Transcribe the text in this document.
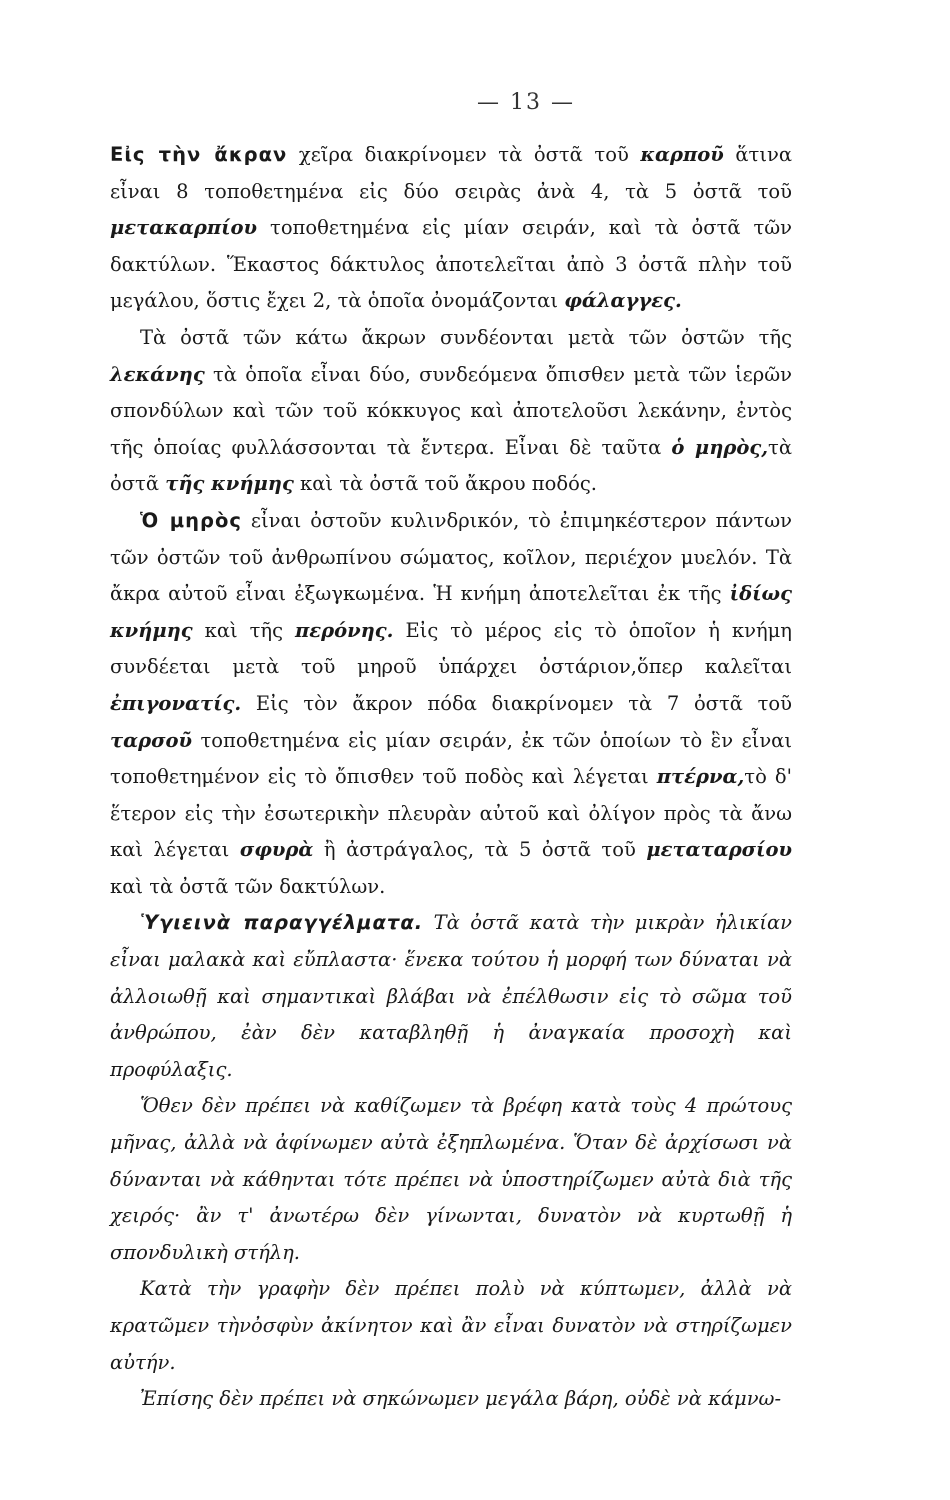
— 13 —

Εἰς τὴν ἄκραν χεῖρα διακρίνομεν τὰ ὀστᾶ τοῦ καρποῦ ἅτινα εἶναι 8 τοποθετημένα εἰς δύο σειρὰς ἀνὰ 4, τὰ 5 ὀστᾶ τοῦ μετακαρπίου τοποθετημένα εἰς μίαν σειράν, καὶ τὰ ὀστᾶ τῶν δακτύλων. Ἕκαστος δάκτυλος ἀποτελεῖται ἀπὸ 3 ὀστᾶ πλὴν τοῦ μεγάλου, ὅστις ἔχει 2, τὰ ὁποῖα ὀνομάζονται φάλαγγες.

Τὰ ὀστᾶ τῶν κάτω ἄκρων συνδέονται μετὰ τῶν ὀστῶν τῆς λεκάνης τὰ ὁποῖα εἶναι δύο, συνδεόμενα ὄπισθεν μετὰ τῶν ἱερῶν σπονδύλων καὶ τῶν τοῦ κόκκυγος καὶ ἀποτελοῦσι λεκάνην, ἐντὸς τῆς ὁποίας φυλλάσσονται τὰ ἔντερα. Εἶναι δὲ ταῦτα ὁ μηρὸς,τὰ ὀστᾶ τῆς κνήμης καὶ τὰ ὀστᾶ τοῦ ἄκρου ποδός.

Ὁ μηρὸς εἶναι ὀστοῦν κυλινδρικόν, τὸ ἐπιμηκέστερον πάντων τῶν ὀστῶν τοῦ ἀνθρωπίνου σώματος, κοῖλον, περιέχον μυελόν. Τὰ ἄκρα αὐτοῦ εἶναι ἐξωγκωμένα. Ἡ κνήμη ἀποτελεῖται ἐκ τῆς ἰδίως κνήμης καὶ τῆς περόνης. Εἰς τὸ μέρος εἰς τὸ ὁποῖον ἡ κνήμη συνδέεται μετὰ τοῦ μηροῦ ὑπάρχει ὀστάριον,ὅπερ καλεῖται ἐπιγονατίς. Εἰς τὸν ἄκρον πόδα διακρίνομεν τὰ 7 ὀστᾶ τοῦ ταρσοῦ τοποθετημένα εἰς μίαν σειράν, ἐκ τῶν ὁποίων τὸ ἓν εἶναι τοποθετημένον εἰς τὸ ὄπισθεν τοῦ ποδὸς καὶ λέγεται πτέρνα,τὸ δ' ἕτερον εἰς τὴν ἐσωτερικὴν πλευρὰν αὐτοῦ καὶ ὀλίγον πρὸς τὰ ἄνω καὶ λέγεται σφυρὰ ἢ ἀστράγαλος, τὰ 5 ὀστᾶ τοῦ μεταταρσίου καὶ τὰ ὀστᾶ τῶν δακτύλων.

Ὑγιεινὰ παραγγέλματα. Τὰ ὀστᾶ κατὰ τὴν μικρὰν ἡλικίαν εἶναι μαλακὰ καὶ εὔπλαστα· ἕνεκα τούτου ἡ μορφή των δύναται νὰ ἀλλοιωθῇ καὶ σημαντικαὶ βλάβαι νὰ ἐπέλθωσιν εἰς τὸ σῶμα τοῦ ἀνθρώπου, ἐὰν δὲν καταβληθῇ ἡ ἀναγκαία προσοχὴ καὶ προφύλαξις.

Ὅθεν δὲν πρέπει νὰ καθίζωμεν τὰ βρέφη κατὰ τοὺς 4 πρώτους μῆνας, ἀλλὰ νὰ ἀφίνωμεν αὐτὰ ἐξηπλωμένα. Ὅταν δὲ ἀρχίσωσι νὰ δύνανται νὰ κάθηνται τότε πρέπει νὰ ὑποστηρίζωμεν αὐτὰ διὰ τῆς χειρός· ἂν τ' ἀνωτέρω δὲν γίνωνται, δυνατὸν νὰ κυρτωθῇ ἡ σπονδυλικὴ στήλη.

Κατὰ τὴν γραφὴν δὲν πρέπει πολὺ νὰ κύπτωμεν, ἀλλὰ νὰ κρατῶμεν τὴνὀσφὺν ἀκίνητον καὶ ἂν εἶναι δυνατὸν νὰ στηρίζωμεν αὐτήν.

Ἐπίσης δὲν πρέπει νὰ σηκώνωμεν μεγάλα βάρη, οὐδὲ νὰ κάμνω-
